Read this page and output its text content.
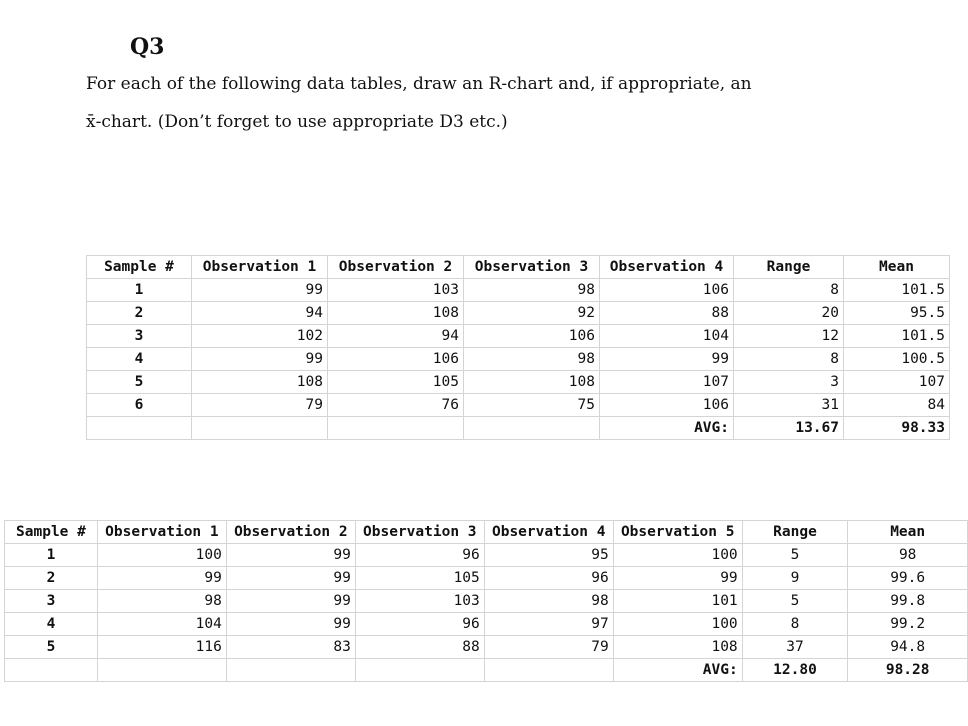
Q3
For each of the following data tables, draw an R-chart and, if appropriate, an
x̄-chart. (Don’t forget to use appropriate D3 etc.)
Sample #	Observation 1	Observation 2	Observation 3	Observation 4	Range	Mean
1	99	103	98	106	8	101.5
2	94	108	92	88	20	95.5
3	102	94	106	104	12	101.5
4	99	106	98	99	8	100.5
5	108	105	108	107	3	107
6	79	76	75	106	31	84
				AVG:	13.67	98.33
Sample #	Observation 1	Observation 2	Observation 3	Observation 4	Observation 5	Range	Mean
1	100	99	96	95	100	5	98
2	99	99	105	96	99	9	99.6
3	98	99	103	98	101	5	99.8
4	104	99	96	97	100	8	99.2
5	116	83	88	79	108	37	94.8
					AVG:	12.80	98.28
